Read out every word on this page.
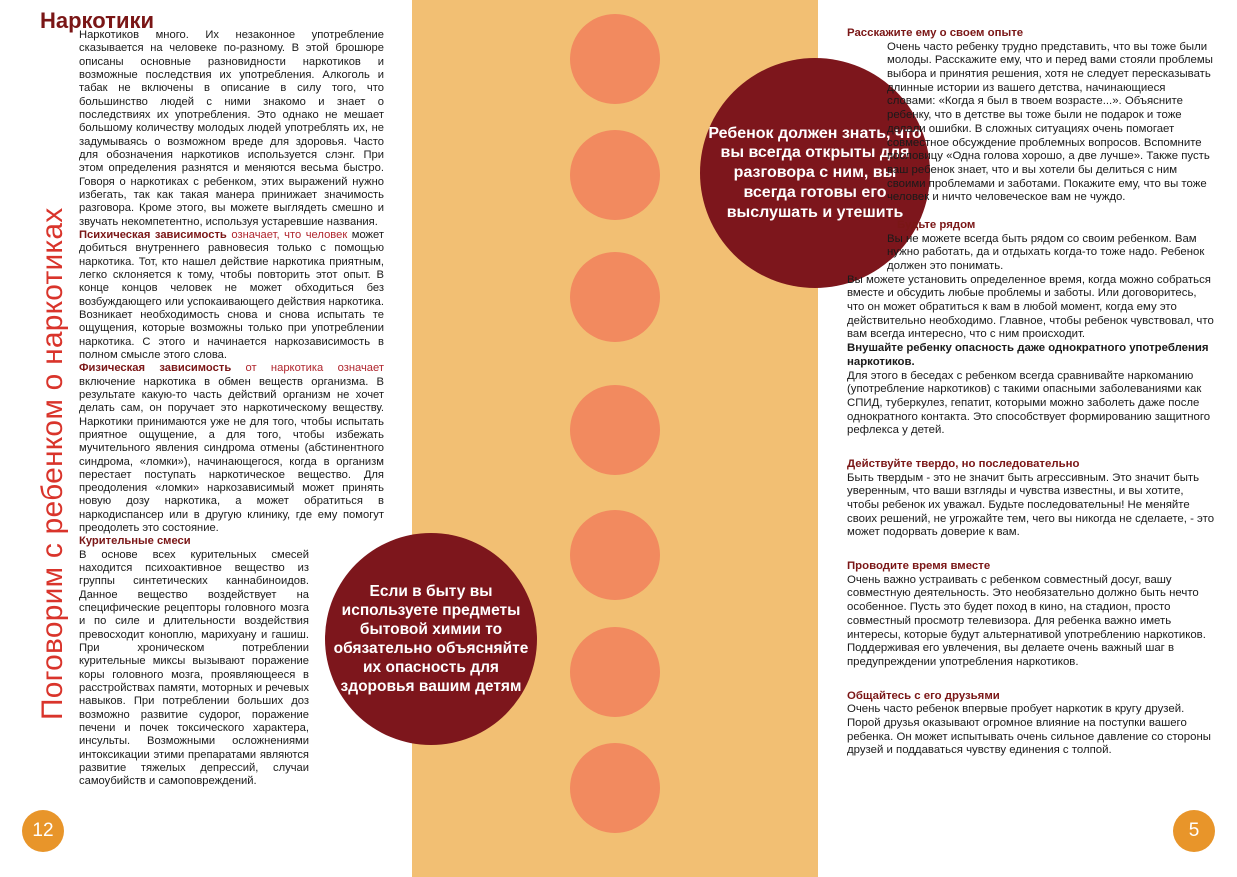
Поговорим с ребенком о наркотиках
Наркотики

Наркотиков много. Их незаконное употребление сказывается на человеке по-разному. В этой брошюре описаны основные разновидности наркотиков и возможные последствия их употребления. Алкоголь и табак не включены в описание в силу того, что большинство людей с ними знакомо и знает о последствиях их употребления. Это однако не мешает большому количеству молодых людей употреблять их, не задумываясь о возможном вреде для здоровья. Часто для обозначения наркотиков используется слэнг. При этом определения разнятся и меняются весьма быстро. Говоря о наркотиках с ребенком, этих выражений нужно избегать, так как такая манера принижает значимость разговора. Кроме этого, вы можете выглядеть смешно и звучать некомпетентно, используя устаревшие названия.

Психическая зависимость означает, что человек может добиться внутреннего равновесия только с помощью наркотика. Тот, кто нашел действие наркотика приятным, легко склоняется к тому, чтобы повторить этот опыт. В конце концов человек не может обходиться без возбуждающего или успокаивающего действия наркотика. Возникает необходимость снова и снова испытать те ощущения, которые возможны только при употреблении наркотика. С этого и начинается наркозависимость в полном смысле этого слова.

Физическая зависимость от наркотика означает включение наркотика в обмен веществ организма. В результате какую-то часть действий организм не хочет делать сам, он поручает это наркотическому веществу. Наркотики принимаются уже не для того, чтобы испытать приятное ощущение, а для того, чтобы избежать мучительного явления синдрома отмены (абстинентного синдрома, «ломки»), начинающегося, когда в организм перестает поступать наркотическое вещество. Для преодоления «ломки» наркозависимый может принять новую дозу наркотика, а может обратиться в наркодиспансер или в другую клинику, где ему помогут преодолеть это состояние.

Курительные смеси

В основе всех курительных смесей находится психоактивное вещество из группы синтетических каннабиноидов. Данное вещество воздействует на специфические рецепторы головного мозга и по силе и длительности воздействия превосходит коноплю, марихуану и гашиш. При хроническом потреблении курительные миксы вызывают поражение коры головного мозга, проявляющееся в расстройствах памяти, моторных и речевых навыков. При потреблении больших доз возможно развитие судорог, поражение печени и почек токсического характера, инсульты. Возможными осложнениями интоксикации этими препаратами являются развитие тяжелых депрессий, случаи самоубийств и самоповреждений.

12
Ребенок должен знать, что вы всегда открыты для разговора с ним, вы всегда готовы его выслушать и утешить
Если в быту вы используете предметы бытовой химии то обязательно объясняйте их опасность для здоровья вашим детям

Расскажите ему о своем опыте

Очень часто ребенку трудно представить, что вы тоже были молоды. Расскажите ему, что и перед вами стояли проблемы выбора и принятия решения, хотя не следует пересказывать длинные истории из вашего детства, начинающиеся словами: «Когда я был в твоем возрасте...». Объясните ребенку, что в детстве вы тоже были не подарок и тоже делали ошибки. В сложных ситуациях очень помогает совместное обсуждение проблемных вопросов. Вспомните пословицу «Одна голова хорошо, а две лучше». Также пусть ваш ребенок знает, что и вы хотели бы делиться с ним своими проблемами и заботами. Покажите ему, что вы тоже человек и ничто человеческое вам не чуждо.

Будьте рядом

Вы не можете всегда быть рядом со своим ребенком. Вам нужно работать, да и отдыхать когда-то тоже надо. Ребенок должен это понимать.

Вы можете установить определенное время, когда можно собраться вместе и обсудить любые проблемы и заботы. Или договоритесь, что он может обратиться к вам в любой момент, когда ему это действительно необходимо. Главное, чтобы ребенок чувствовал, что вам всегда интересно, что с ним происходит.

Внушайте ребенку опасность даже однократного употребления наркотиков.

Для этого в беседах с ребенком всегда сравнивайте наркоманию (употребление наркотиков) с такими опасными заболеваниями как СПИД, туберкулез, гепатит, которыми можно заболеть даже после однократного контакта. Это способствует формированию защитного рефлекса у детей.

Действуйте твердо, но последовательно

Быть твердым - это не значит быть агрессивным. Это значит быть уверенным, что ваши взгляды и чувства известны, и вы хотите, чтобы ребенок их уважал. Будьте последовательны! Не меняйте своих решений, не угрожайте тем, чего вы никогда не сделаете, - это может подорвать доверие к вам.

Проводите время вместе

Очень важно устраивать с ребенком совместный досуг, вашу совместную деятельность. Это необязательно должно быть нечто особенное. Пусть это будет поход в кино, на стадион, просто совместный просмотр телевизора. Для ребенка важно иметь интересы, которые будут альтернативой употреблению наркотиков. Поддерживая его увлечения, вы делаете очень важный шаг в предупреждении употребления наркотиков.

Общайтесь с его друзьями

Очень часто ребенок впервые пробует наркотик в кругу друзей. Порой друзья оказывают огромное влияние на поступки вашего ребенка. Он может испытывать очень сильное давление со стороны друзей и поддаваться чувству единения с толпой.

5
